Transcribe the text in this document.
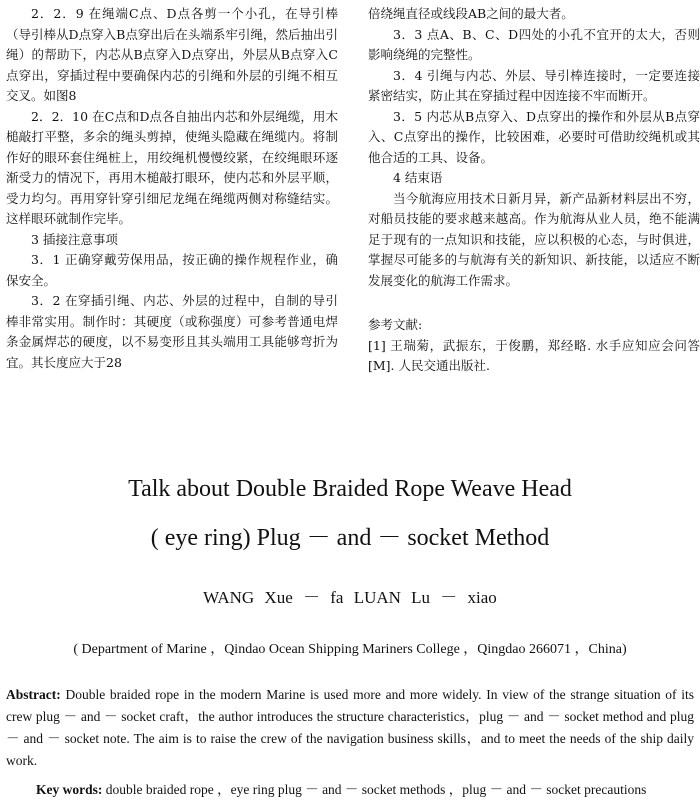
2．2．9 在绳端C点、D点各剪一个小孔，在导引棒（导引棒从D点穿入B点穿出后在头端系牢引绳，然后抽出引绳）的帮助下，内芯从B点穿入D点穿出，外层从B点穿入C点穿出，穿插过程中要确保内芯的引绳和外层的引绳不相互交叉。如图8

2．2．10 在C点和D点各自抽出内芯和外层绳缆，用木槌敲打平整，多余的绳头剪掉，使绳头隐藏在绳缆内。将制作好的眼环套住绳桩上，用绞绳机慢慢绞紧，在绞绳眼环逐渐受力的情况下，再用木槌敲打眼环，使内芯和外层平顺，受力均匀。再用穿针穿引细尼龙绳在绳缆两侧对称缝结实。这样眼环就制作完毕。

3 插接注意事项

3．1 正确穿戴劳保用品，按正确的操作规程作业，确保安全。

3．2 在穿插引绳、内芯、外层的过程中，自制的导引棒非常实用。制作时：其硬度（或称强度）可参考普通电焊条金属焊芯的硬度，以不易变形且其头端用工具能够弯折为宜。其长度应大于28

倍绕绳直径或线段AB之间的最大者。

3．3 点A、B、C、D四处的小孔不宜开的太大，否则影响绕绳的完整性。

3．4 引绳与内芯、外层、导引棒连接时，一定要连接紧密结实，防止其在穿插过程中因连接不牢而断开。

3．5 内芯从B点穿入、D点穿出的操作和外层从B点穿入、C点穿出的操作，比较困难，必要时可借助绞绳机或其他合适的工具、设备。

4 结束语

当今航海应用技术日新月异，新产品新材料层出不穷，对船员技能的要求越来越高。作为航海从业人员，绝不能满足于现有的一点知识和技能，应以积极的心态，与时俱进，掌握尽可能多的与航海有关的新知识、新技能，以适应不断发展变化的航海工作需求。

参考文献:

[1] 王瑞菊，武振东，于俊鹏，郑经略. 水手应知应会问答[M]. 人民交通出版社.

Talk about Double Braided Rope Weave Head
( eye ring) Plug － and － socket Method
WANG Xue － fa LUAN Lu － xiao
( Department of Marine ，Qindao Ocean Shipping Mariners College ，Qingdao 266071 ，China)
Abstract: Double braided rope in the modern Marine is used more and more widely. In view of the strange situation of its crew plug － and － socket craft，the author introduces the structure characteristics，plug － and － socket method and plug － and － socket note. The aim is to raise the crew of the navigation business skills，and to meet the needs of the ship daily work.
Key words: double braided rope ，eye ring plug － and － socket methods ，plug － and － socket precautions
